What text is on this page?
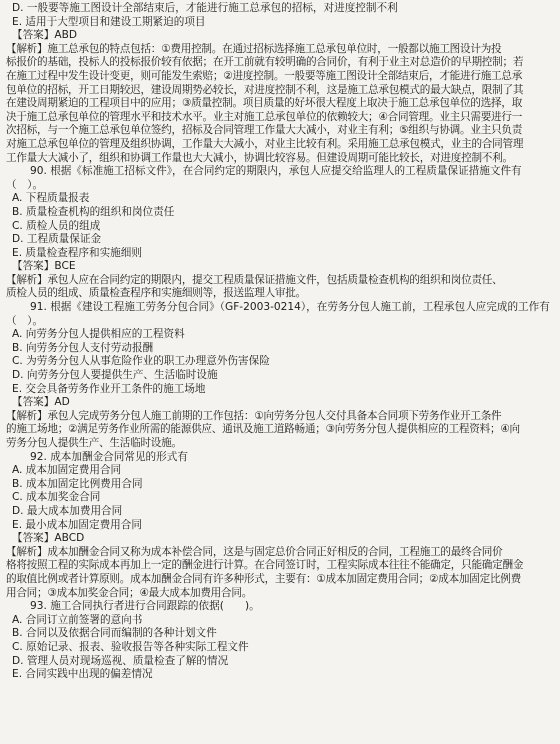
D. 一般要等施工图设计全部结束后，才能进行施工总承包的招标，对进度控制不利
E. 适用于大型项目和建设工期紧迫的项目
【答案】ABD
【解析】施工总承包的特点包括：①费用控制。在通过招标选择施工总承包单位时，一般都以施工图设计为投
标报价的基础，投标人的投标报价较有依据；在开工前就有较明确的合同价，有利于业主对总造价的早期控制；若
在施工过程中发生设计变更，则可能发生索赔；②进度控制。一般要等施工图设计全部结束后，才能进行施工总承
包单位的招标，开工日期较迟，建设周期势必较长，对进度控制不利，这是施工总承包模式的最大缺点，限制了其
在建设周期紧迫的工程项目中的应用；③质量控制。项目质量的好坏很大程度上取决于施工总承包单位的选择，取
决于施工总承包单位的管理水平和技术水平。业主对施工总承包单位的依赖较大；④合同管理。业主只需要进行一
次招标，与一个施工总承包单位签约，招标及合同管理工作量大大减小，对业主有利；⑤组织与协调。业主只负责
对施工总承包单位的管理及组织协调，工作量大大减小，对业主比较有利。采用施工总承包模式，业主的合同管理
工作量大大减小了，组织和协调工作量也大大减小，协调比较容易。但建设周期可能比较长，对进度控制不利。
90. 根据《标准施工招标文件》，在合同约定的期限内，承包人应提交给监理人的工程质量保证措施文件有
（　）。
A. 下程质量报表
B. 质量检查机构的组织和岗位责任
C. 质检人员的组成
D. 工程质量保证金
E. 质量检查程序和实施细则
【答案】BCE
【解析】承包人应在合同约定的期限内，提交工程质量保证措施文件，包括质量检查机构的组织和岗位责任、
质检人员的组成、质量检查程序和实施细则等，报送监理人审批。
91. 根据《建设工程施工劳务分包合同》（GF-2003-0214），在劳务分包人施工前，工程承包人应完成的工作有
（　）。
A. 向劳务分包人提供相应的工程资料
B. 向劳务分包人支付劳动报酬
C. 为劳务分包人从事危险作业的职工办理意外伤害保险
D. 向劳务分包人要提供生产、生活临时设施
E. 交会具备劳务作业开工条件的施工场地
【答案】AD
【解析】承包人完成劳务分包人施工前期的工作包括：①向劳务分包人交付具备本合同项下劳务作业开工条件
的施工场地；②满足劳务作业所需的能源供应、通讯及施工道路畅通；③向劳务分包人提供相应的工程资料；④向
劳务分包人提供生产、生活临时设施。
92. 成本加酬金合同常见的形式有
A. 成本加固定费用合同
B. 成本加固定比例费用合同
C. 成本加奖金合同
D. 最大成本加费用合同
E. 最小成本加固定费用合同
【答案】ABCD
【解析】成本加酬金合同又称为成本补偿合同，这是与固定总价合同正好相反的合同，工程施工的最终合同价
格将按照工程的实际成本再加上一定的酬金进行计算。在合同签订时，工程实际成本往往不能确定，只能确定酬金
的取值比例或者计算原则。成本加酬金合同有许多种形式，主要有：①成本加固定费用合同；②成本加固定比例费
用合同；③成本加奖金合同；④最大成本加费用合同。
93. 施工合同执行者进行合同跟踪的依据(　　)。
A. 合同订立前签署的意向书
B. 合同以及依据合同而编制的各种计划文件
C. 原始记录、报表、验收报告等各种实际工程文件
D. 管理人员对现场巡视、质量检查了解的情况
E. 合同实践中出现的偏差情况
